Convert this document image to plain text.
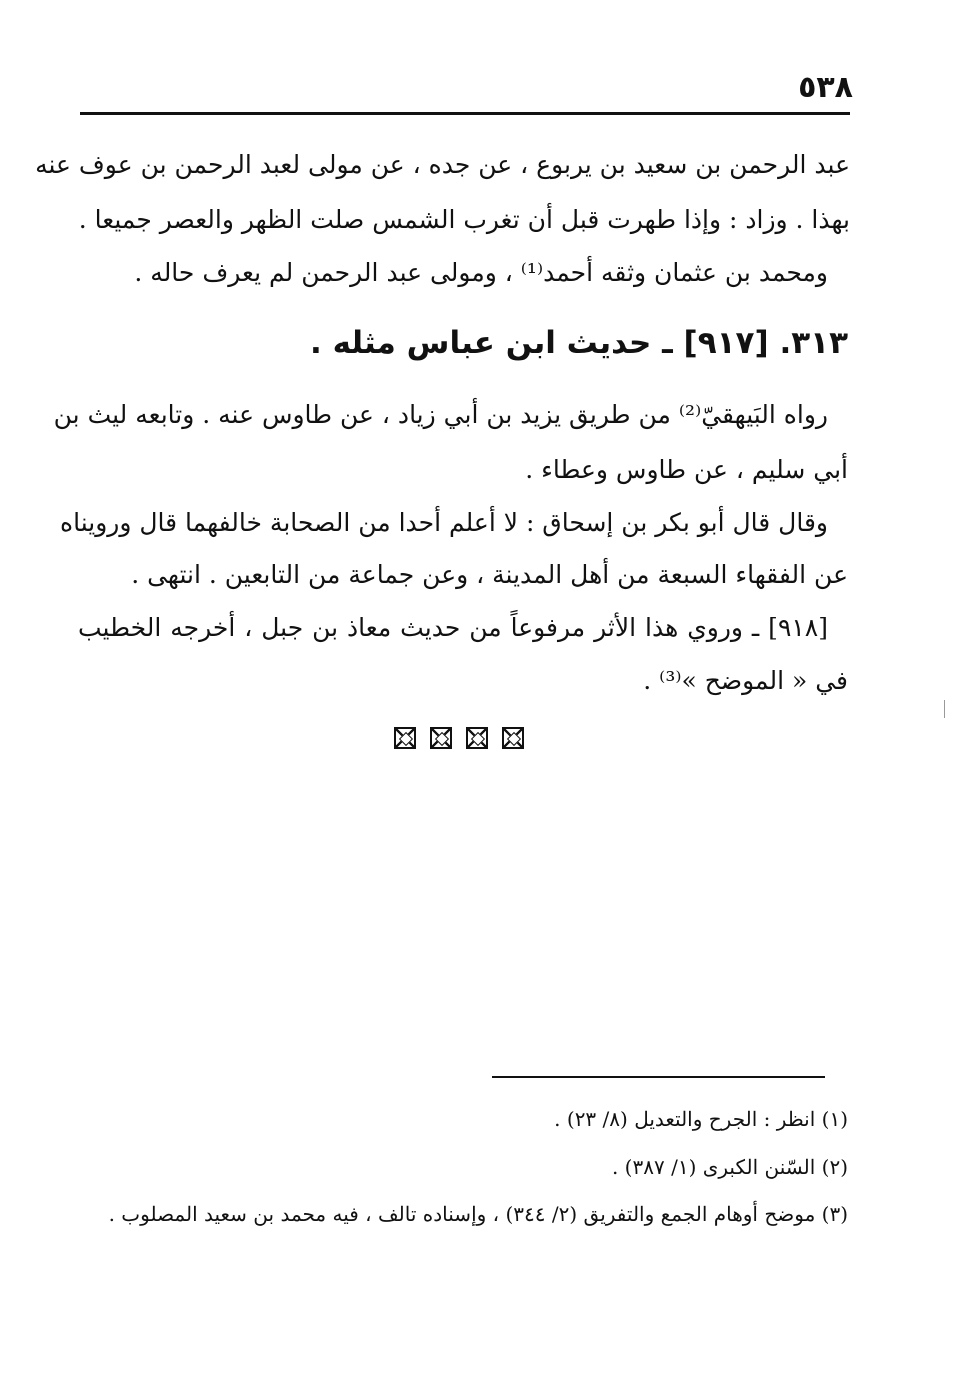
٥٣٨
عبد الرحمن بن سعيد بن يربوع ، عن جده ، عن مولى لعبد الرحمن بن عوف عنه
بهذا . وزاد : وإذا طهرت قبل أن تغرب الشمس صلت الظهر والعصر جميعا .
ومحمد بن عثمان وثقه أحمد⁽¹⁾ ، ومولى عبد الرحمن لم يعرف حاله .
٣١٣. [٩١٧] ـ حديث ابن عباس مثله .
رواه البَيهقيّ⁽²⁾ من طريق يزيد بن أبي زياد ، عن طاوس عنه . وتابعه ليث بن
أبي سليم ، عن طاوس وعطاء .
وقال قال أبو بكر بن إسحاق : لا أعلم أحدا من الصحابة خالفهما قال ورويناه
عن الفقهاء السبعة من أهل المدينة ، وعن جماعة من التابعين . انتهى .
[٩١٨] ـ وروي هذا الأثر مرفوعاً من حديث معاذ بن جبل ، أخرجه الخطيب
في « الموضح »⁽³⁾ .
(١) انظر : الجرح والتعديل (٨/ ٢٣) .
(٢) السّنن الكبرى (١/ ٣٨٧) .
(٣) موضح أوهام الجمع والتفريق (٢/ ٣٤٤) ، وإسناده تالف ، فيه محمد بن سعيد المصلوب .
